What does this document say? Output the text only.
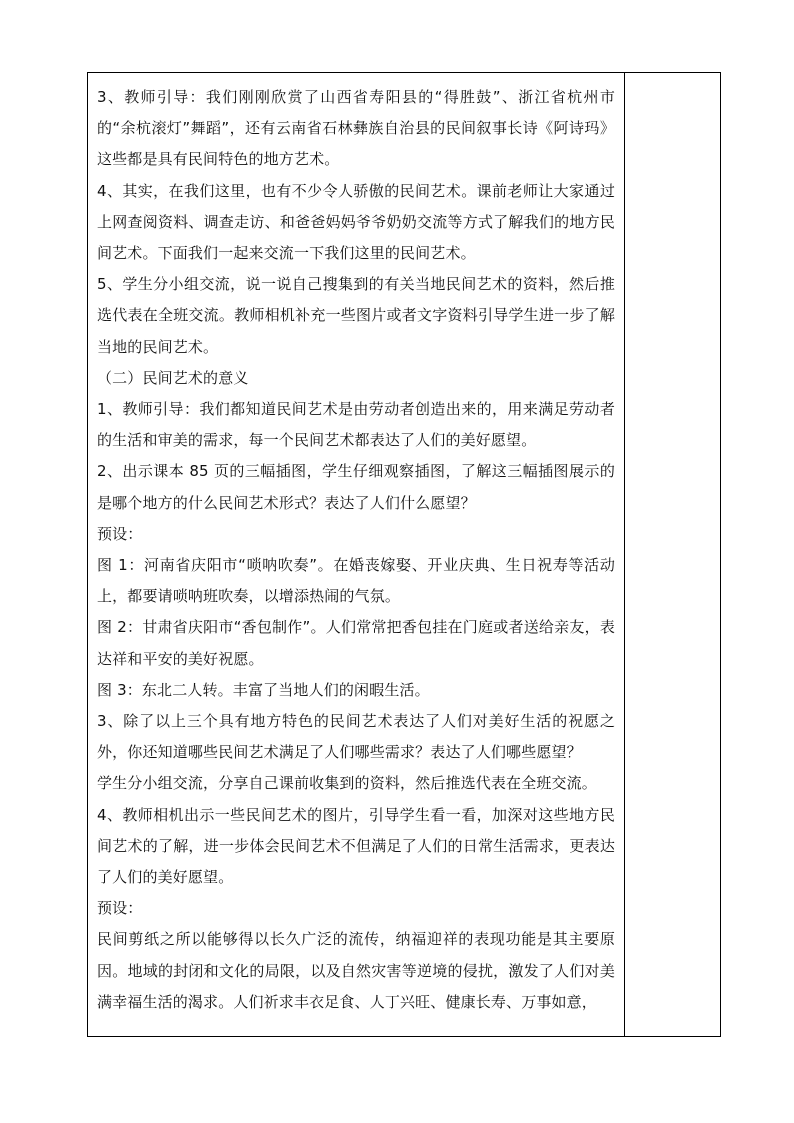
3、教师引导：我们刚刚欣赏了山西省寿阳县的“得胜鼓”、浙江省杭州市的“余杭滚灯”舞蹈”，还有云南省石林彝族自治县的民间叙事长诗《阿诗玛》这些都是具有民间特色的地方艺术。

4、其实，在我们这里，也有不少令人骄傲的民间艺术。课前老师让大家通过上网查阅资料、调查走访、和爸爸妈妈爷爷奶奶交流等方式了解我们的地方民间艺术。下面我们一起来交流一下我们这里的民间艺术。

5、学生分小组交流，说一说自己搜集到的有关当地民间艺术的资料，然后推选代表在全班交流。教师相机补充一些图片或者文字资料引导学生进一步了解当地的民间艺术。

（二）民间艺术的意义

1、教师引导：我们都知道民间艺术是由劳动者创造出来的，用来满足劳动者的生活和审美的需求，每一个民间艺术都表达了人们的美好愿望。

2、出示课本 85 页的三幅插图，学生仔细观察插图，了解这三幅插图展示的是哪个地方的什么民间艺术形式？表达了人们什么愿望？

预设：

图 1：河南省庆阳市“唢呐吹奏”。在婚丧嫁娶、开业庆典、生日祝寿等活动上，都要请唢呐班吹奏，以增添热闹的气氛。

图 2：甘肃省庆阳市“香包制作”。人们常常把香包挂在门庭或者送给亲友，表达祥和平安的美好祝愿。

图 3：东北二人转。丰富了当地人们的闲暇生活。

3、除了以上三个具有地方特色的民间艺术表达了人们对美好生活的祝愿之外，你还知道哪些民间艺术满足了人们哪些需求？表达了人们哪些愿望？

学生分小组交流，分享自己课前收集到的资料，然后推选代表在全班交流。

4、教师相机出示一些民间艺术的图片，引导学生看一看，加深对这些地方民间艺术的了解，进一步体会民间艺术不但满足了人们的日常生活需求，更表达了人们的美好愿望。

预设：

民间剪纸之所以能够得以长久广泛的流传，纳福迎祥的表现功能是其主要原因。地域的封闭和文化的局限，以及自然灾害等逆境的侵扰，激发了人们对美满幸福生活的渴求。人们祈求丰衣足食、人丁兴旺、健康长寿、万事如意，
